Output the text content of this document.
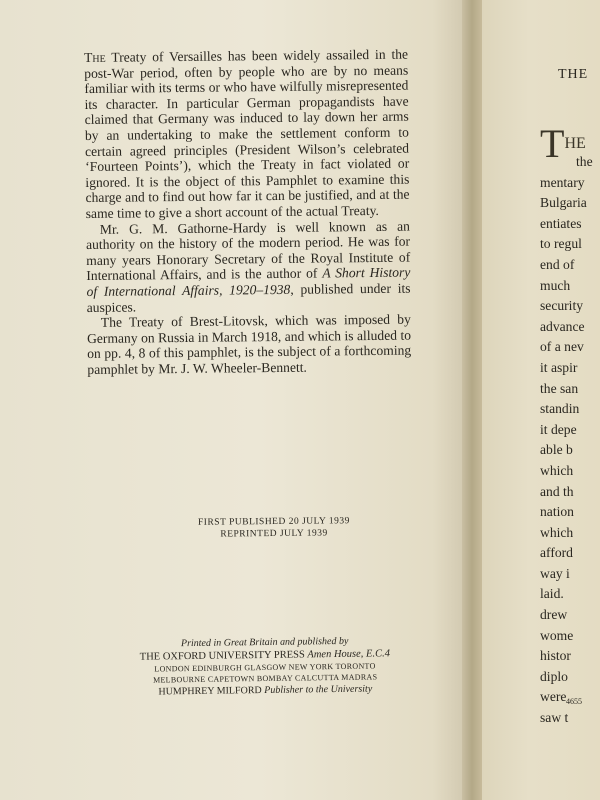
The Treaty of Versailles has been widely assailed in the post-War period, often by people who are by no means familiar with its terms or who have wilfully misrepresented its character. In particular German propagandists have claimed that Germany was induced to lay down her arms by an undertaking to make the settlement conform to certain agreed principles (President Wilson’s celebrated ‘Fourteen Points’), which the Treaty in fact violated or ignored. It is the object of this Pamphlet to examine this charge and to find out how far it can be justified, and at the same time to give a short account of the actual Treaty.

Mr. G. M. Gathorne-Hardy is well known as an authority on the history of the modern period. He was for many years Honorary Secretary of the Royal Institute of International Affairs, and is the author of A Short History of International Affairs, 1920–1938, published under its auspices.

The Treaty of Brest-Litovsk, which was imposed by Germany on Russia in March 1918, and which is alluded to on pp. 4, 8 of this pamphlet, is the subject of a forthcoming pamphlet by Mr. J. W. Wheeler-Bennett.

FIRST PUBLISHED 20 JULY 1939
REPRINTED JULY 1939
Printed in Great Britain and published by
THE OXFORD UNIVERSITY PRESS Amen House, E.C.4
LONDON EDINBURGH GLASGOW NEW YORK TORONTO
MELBOURNE CAPETOWN BOMBAY CALCUTTA MADRAS
HUMPHREY MILFORD Publisher to the University
THE
$T^{HE}$
the
mentary
Bulgaria
entiates
to regul
end of
much
security
advance
of a nev
it aspir
the san
standin
it depe
able b
which
and th
nation
which
afford
way i
laid.
drew
wome
histor
diplo
were
saw t
4655
